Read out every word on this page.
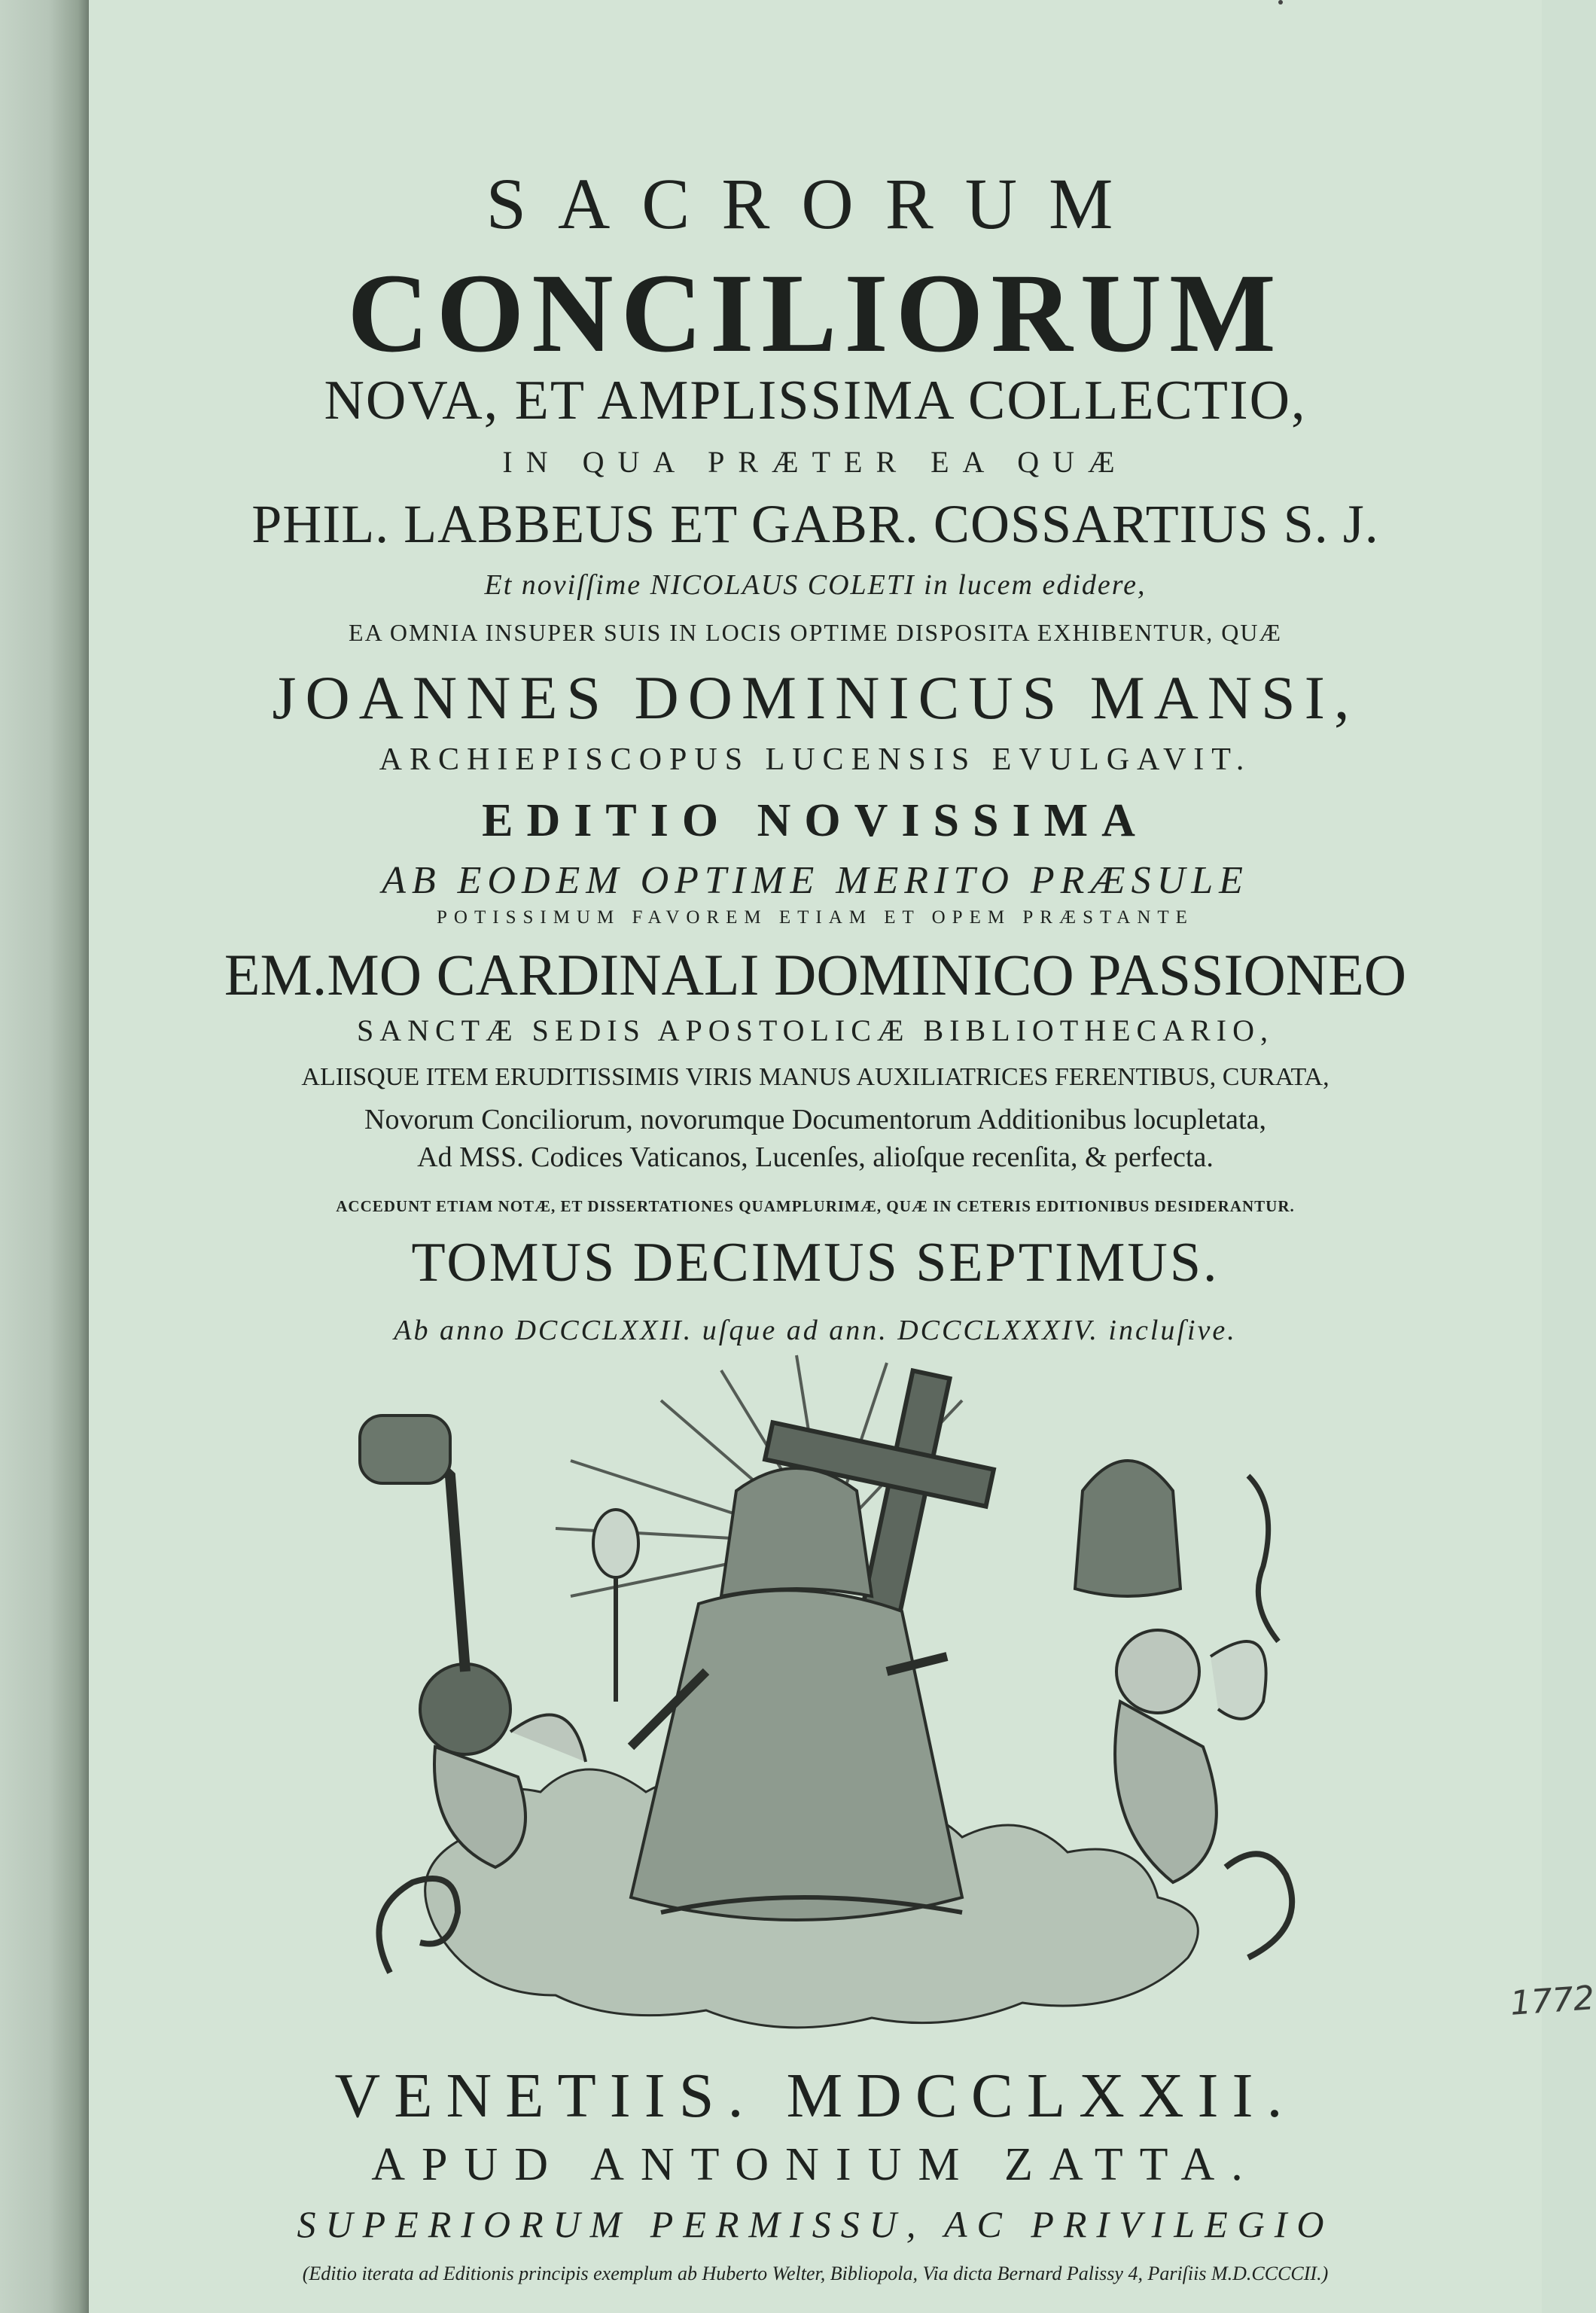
SACRORUM
CONCILIORUM
NOVA, ET AMPLISSIMA COLLECTIO,
IN QUA PRÆTER EA QUÆ
PHIL. LABBEUS ET GABR. COSSARTIUS S. J.
Et noviſſime NICOLAUS COLETI in lucem edidere,
EA OMNIA INSUPER SUIS IN LOCIS OPTIME DISPOSITA EXHIBENTUR, QUÆ
JOANNES DOMINICUS MANSI,
ARCHIEPISCOPUS LUCENSIS EVULGAVIT.
EDITIO NOVISSIMA
AB EODEM OPTIME MERITO PRÆSULE
POTISSIMUM FAVOREM ETIAM ET OPEM PRÆSTANTE
EM.MO CARDINALI DOMINICO PASSIONEO
SANCTÆ SEDIS APOSTOLICÆ BIBLIOTHECARIO,
ALIISQUE ITEM ERUDITISSIMIS VIRIS MANUS AUXILIATRICES FERENTIBUS, CURATA,
Novorum Conciliorum, novorumque Documentorum Additionibus locupletata,
Ad MSS. Codices Vaticanos, Lucenſes, alioſque recenſita, & perfecta.
ACCEDUNT ETIAM NOTÆ, ET DISSERTATIONES QUAMPLURIMÆ, QUÆ IN CETERIS EDITIONIBUS DESIDERANTUR.
TOMUS DECIMUS SEPTIMUS.
Ab anno DCCCLXXII. uſque ad ann. DCCCLXXXIV. incluſive.
1772
VENETIIS. MDCCLXXII.
APUD ANTONIUM ZATTA.
SUPERIORUM PERMISSU, AC PRIVILEGIO
(Editio iterata ad Editionis principis exemplum ab Huberto Welter, Bibliopola, Via dicta Bernard Palissy 4, Pariſiis M.D.CCCCII.)
